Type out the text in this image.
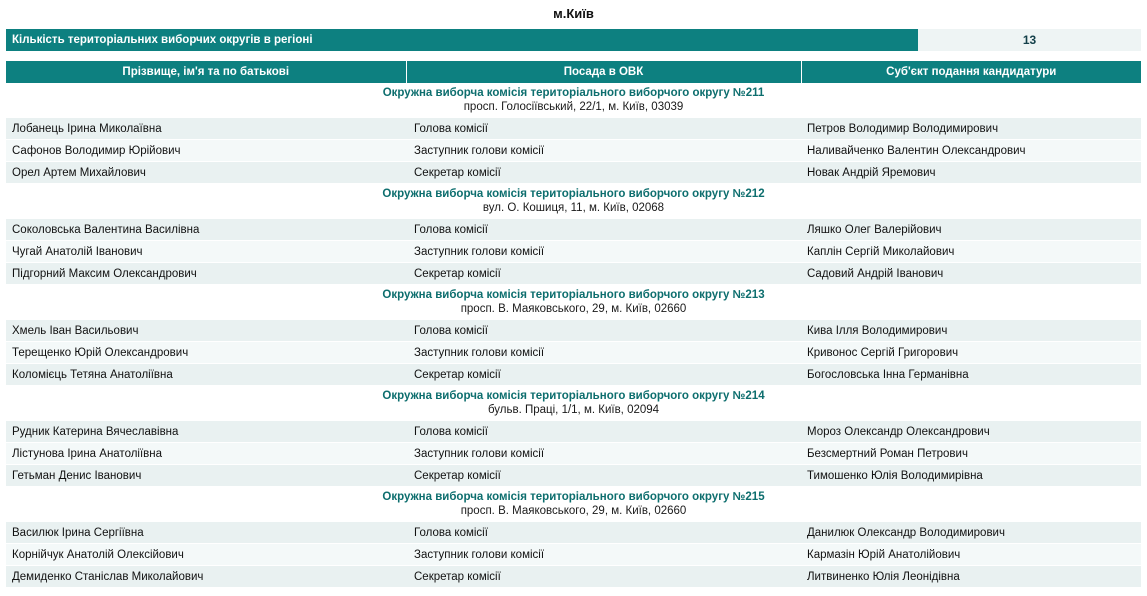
м.Київ
Кількість територіальних виборчих округів в регіоні	13
Прізвище, ім'я та по батькові	Посада в ОВК	Суб'єкт подання кандидатури

Окружна виборча комісія територіального виборчого округу №211
просп. Голосіївський, 22/1, м. Київ, 03039		

Лобанець Ірина Миколаївна	Голова комісії	Петров Володимир Володимирович
Сафонов Володимир Юрійович	Заступник голови комісії	Наливайченко Валентин Олександрович
Орел Артем Михайлович	Секретар комісії	Новак Андрій Яремович

Окружна виборча комісія територіального виборчого округу №212
вул. О. Кошиця, 11, м. Київ, 02068		

Соколовська Валентина Василівна	Голова комісії	Ляшко Олег Валерійович
Чугай Анатолій Іванович	Заступник голови комісії	Каплін Сергій Миколайович
Підгорний Максим Олександрович	Секретар комісії	Садовий Андрій Іванович

Окружна виборча комісія територіального виборчого округу №213
просп. В. Маяковського, 29, м. Київ, 02660		

Хмель Іван Васильович	Голова комісії	Кива Ілля Володимирович
Терещенко Юрій Олександрович	Заступник голови комісії	Кривонос Сергій Григорович
Коломієць Тетяна Анатоліївна	Секретар комісії	Богословська Інна Германівна

Окружна виборча комісія територіального виборчого округу №214
бульв. Праці, 1/1, м. Київ, 02094		

Рудник Катерина Вячеславівна	Голова комісії	Мороз Олександр Олександрович
Лістунова Ірина Анатоліївна	Заступник голови комісії	Безсмертний Роман Петрович
Гетьман Денис Іванович	Секретар комісії	Тимошенко Юлія Володимирівна

Окружна виборча комісія територіального виборчого округу №215
просп. В. Маяковського, 29, м. Київ, 02660		

Василюк Ірина Сергіївна	Голова комісії	Данилюк Олександр Володимирович
Корнійчук Анатолій Олексійович	Заступник голови комісії	Кармазін Юрій Анатолійович
Демиденко Станіслав Миколайович	Секретар комісії	Литвиненко Юлія Леонідівна
